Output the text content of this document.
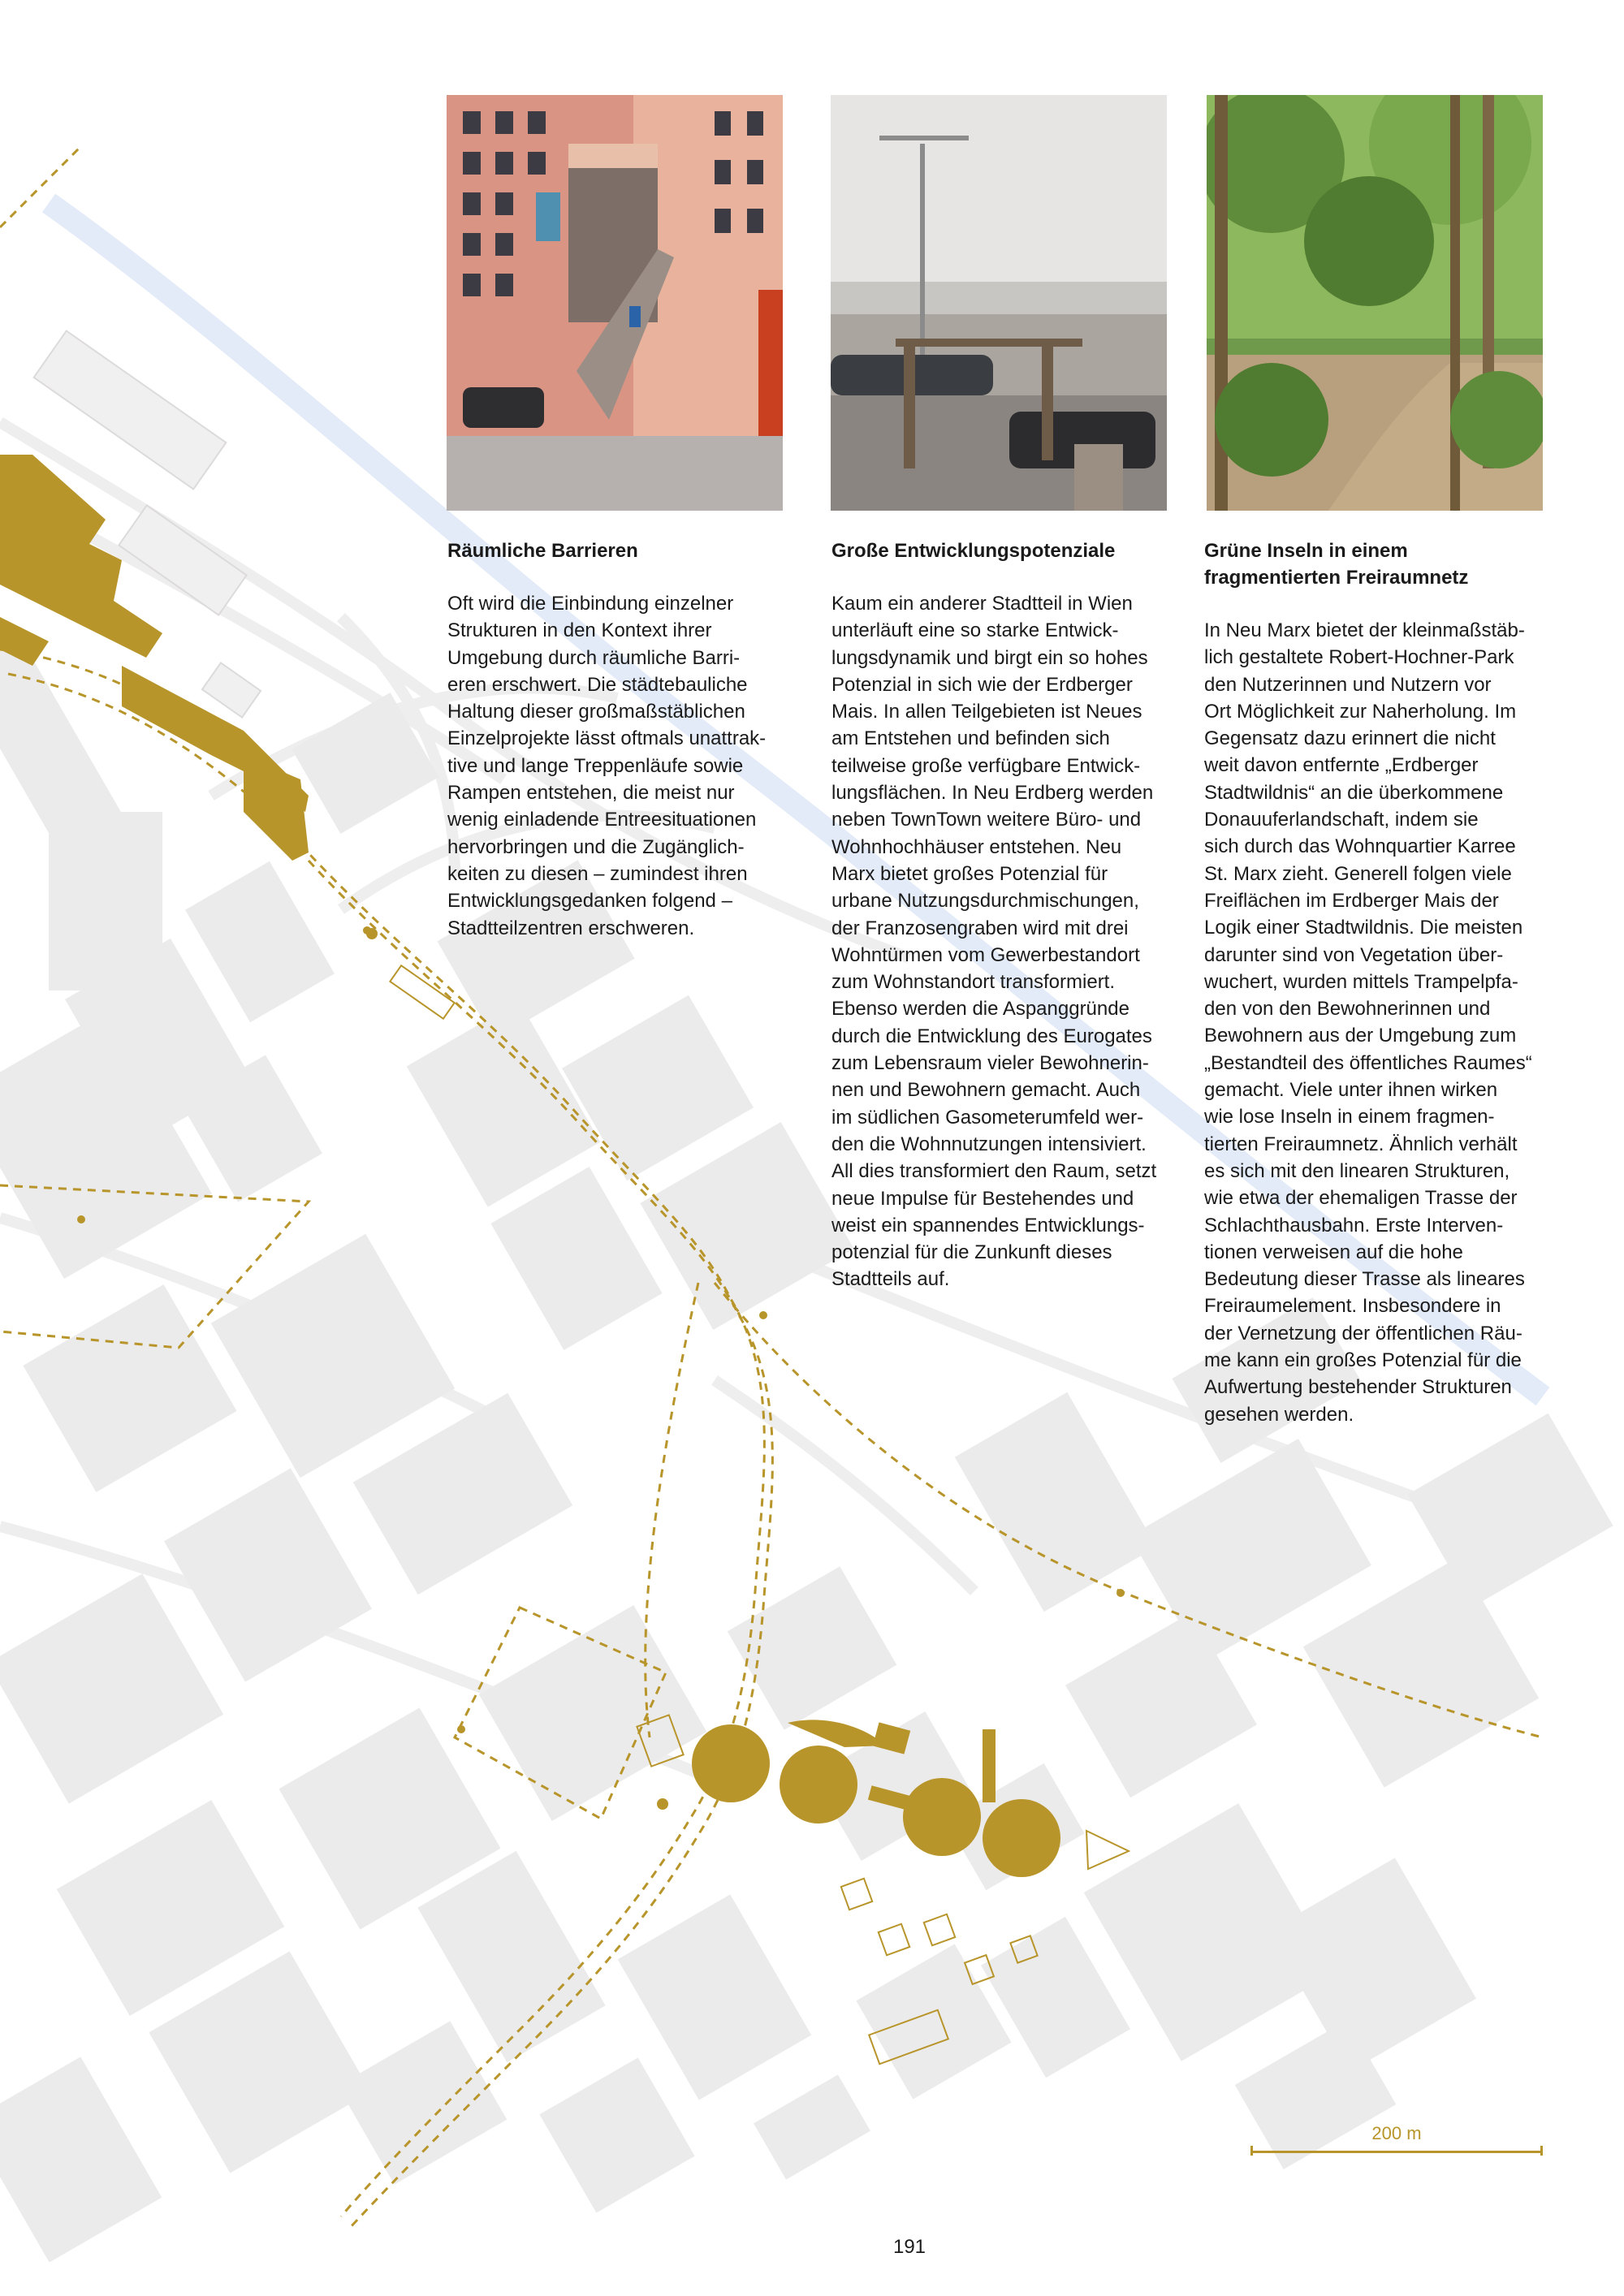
Räumliche Barrieren

Oft wird die Einbindung einzelner
Strukturen in den Kontext ihrer
Umgebung durch räumliche Barri-
eren erschwert. Die städtebauliche
Haltung dieser großmaßstäblichen
Einzelprojekte lässt oftmals unattrak-
tive und lange Treppenläufe sowie
Rampen entstehen, die meist nur
wenig einladende Entreesituationen
hervorbringen und die Zugänglich-
keiten zu diesen – zumindest ihren
Entwicklungsgedanken folgend –
Stadtteilzentren erschweren.

Große Entwicklungspotenziale

Kaum ein anderer Stadtteil in Wien
unterläuft eine so starke Entwick-
lungsdynamik und birgt ein so hohes
Potenzial in sich wie der Erdberger
Mais. In allen Teilgebieten ist Neues
am Entstehen und befinden sich
teilweise große verfügbare Entwick-
lungsflächen. In Neu Erdberg werden
neben TownTown weitere Büro- und
Wohnhochhäuser entstehen. Neu
Marx bietet großes Potenzial für
urbane Nutzungsdurchmischungen,
der Franzosengraben wird mit drei
Wohntürmen vom Gewerbestandort
zum Wohnstandort transformiert.
Ebenso werden die Aspanggründe
durch die Entwicklung des Eurogates
zum Lebensraum vieler Bewohnerin-
nen und Bewohnern gemacht. Auch
im südlichen Gasometerumfeld wer-
den die Wohnnutzungen intensiviert.
All dies transformiert den Raum, setzt
neue Impulse für Bestehendes und
weist ein spannendes Entwicklungs-
potenzial für die Zunkunft dieses
Stadtteils auf.

Grüne Inseln in einem
fragmentierten Freiraumnetz

In Neu Marx bietet der kleinmaßstäb-
lich gestaltete Robert-Hochner-Park
den Nutzerinnen und Nutzern vor
Ort Möglichkeit zur Naherholung. Im
Gegensatz dazu erinnert die nicht
weit davon entfernte „Erdberger
Stadtwildnis“ an die überkommene
Donauuferlandschaft, indem sie
sich durch das Wohnquartier Karree
St. Marx zieht. Generell folgen viele
Freiflächen im Erdberger Mais der
Logik einer Stadtwildnis. Die meisten
darunter sind von Vegetation über-
wuchert, wurden mittels Trampelpfa-
den von den Bewohnerinnen und
Bewohnern aus der Umgebung zum
„Bestandteil des öffentliches Raumes“
gemacht. Viele unter ihnen wirken
wie lose Inseln in einem fragmen-
tierten Freiraumnetz. Ähnlich verhält
es sich mit den linearen Strukturen,
wie etwa der ehemaligen Trasse der
Schlachthausbahn. Erste Interven-
tionen verweisen auf die hohe
Bedeutung dieser Trasse als lineares
Freiraumelement. Insbesondere in
der Vernetzung der öffentlichen Räu-
me kann ein großes Potenzial für die
Aufwertung bestehender Strukturen
gesehen werden.

200 m
191
